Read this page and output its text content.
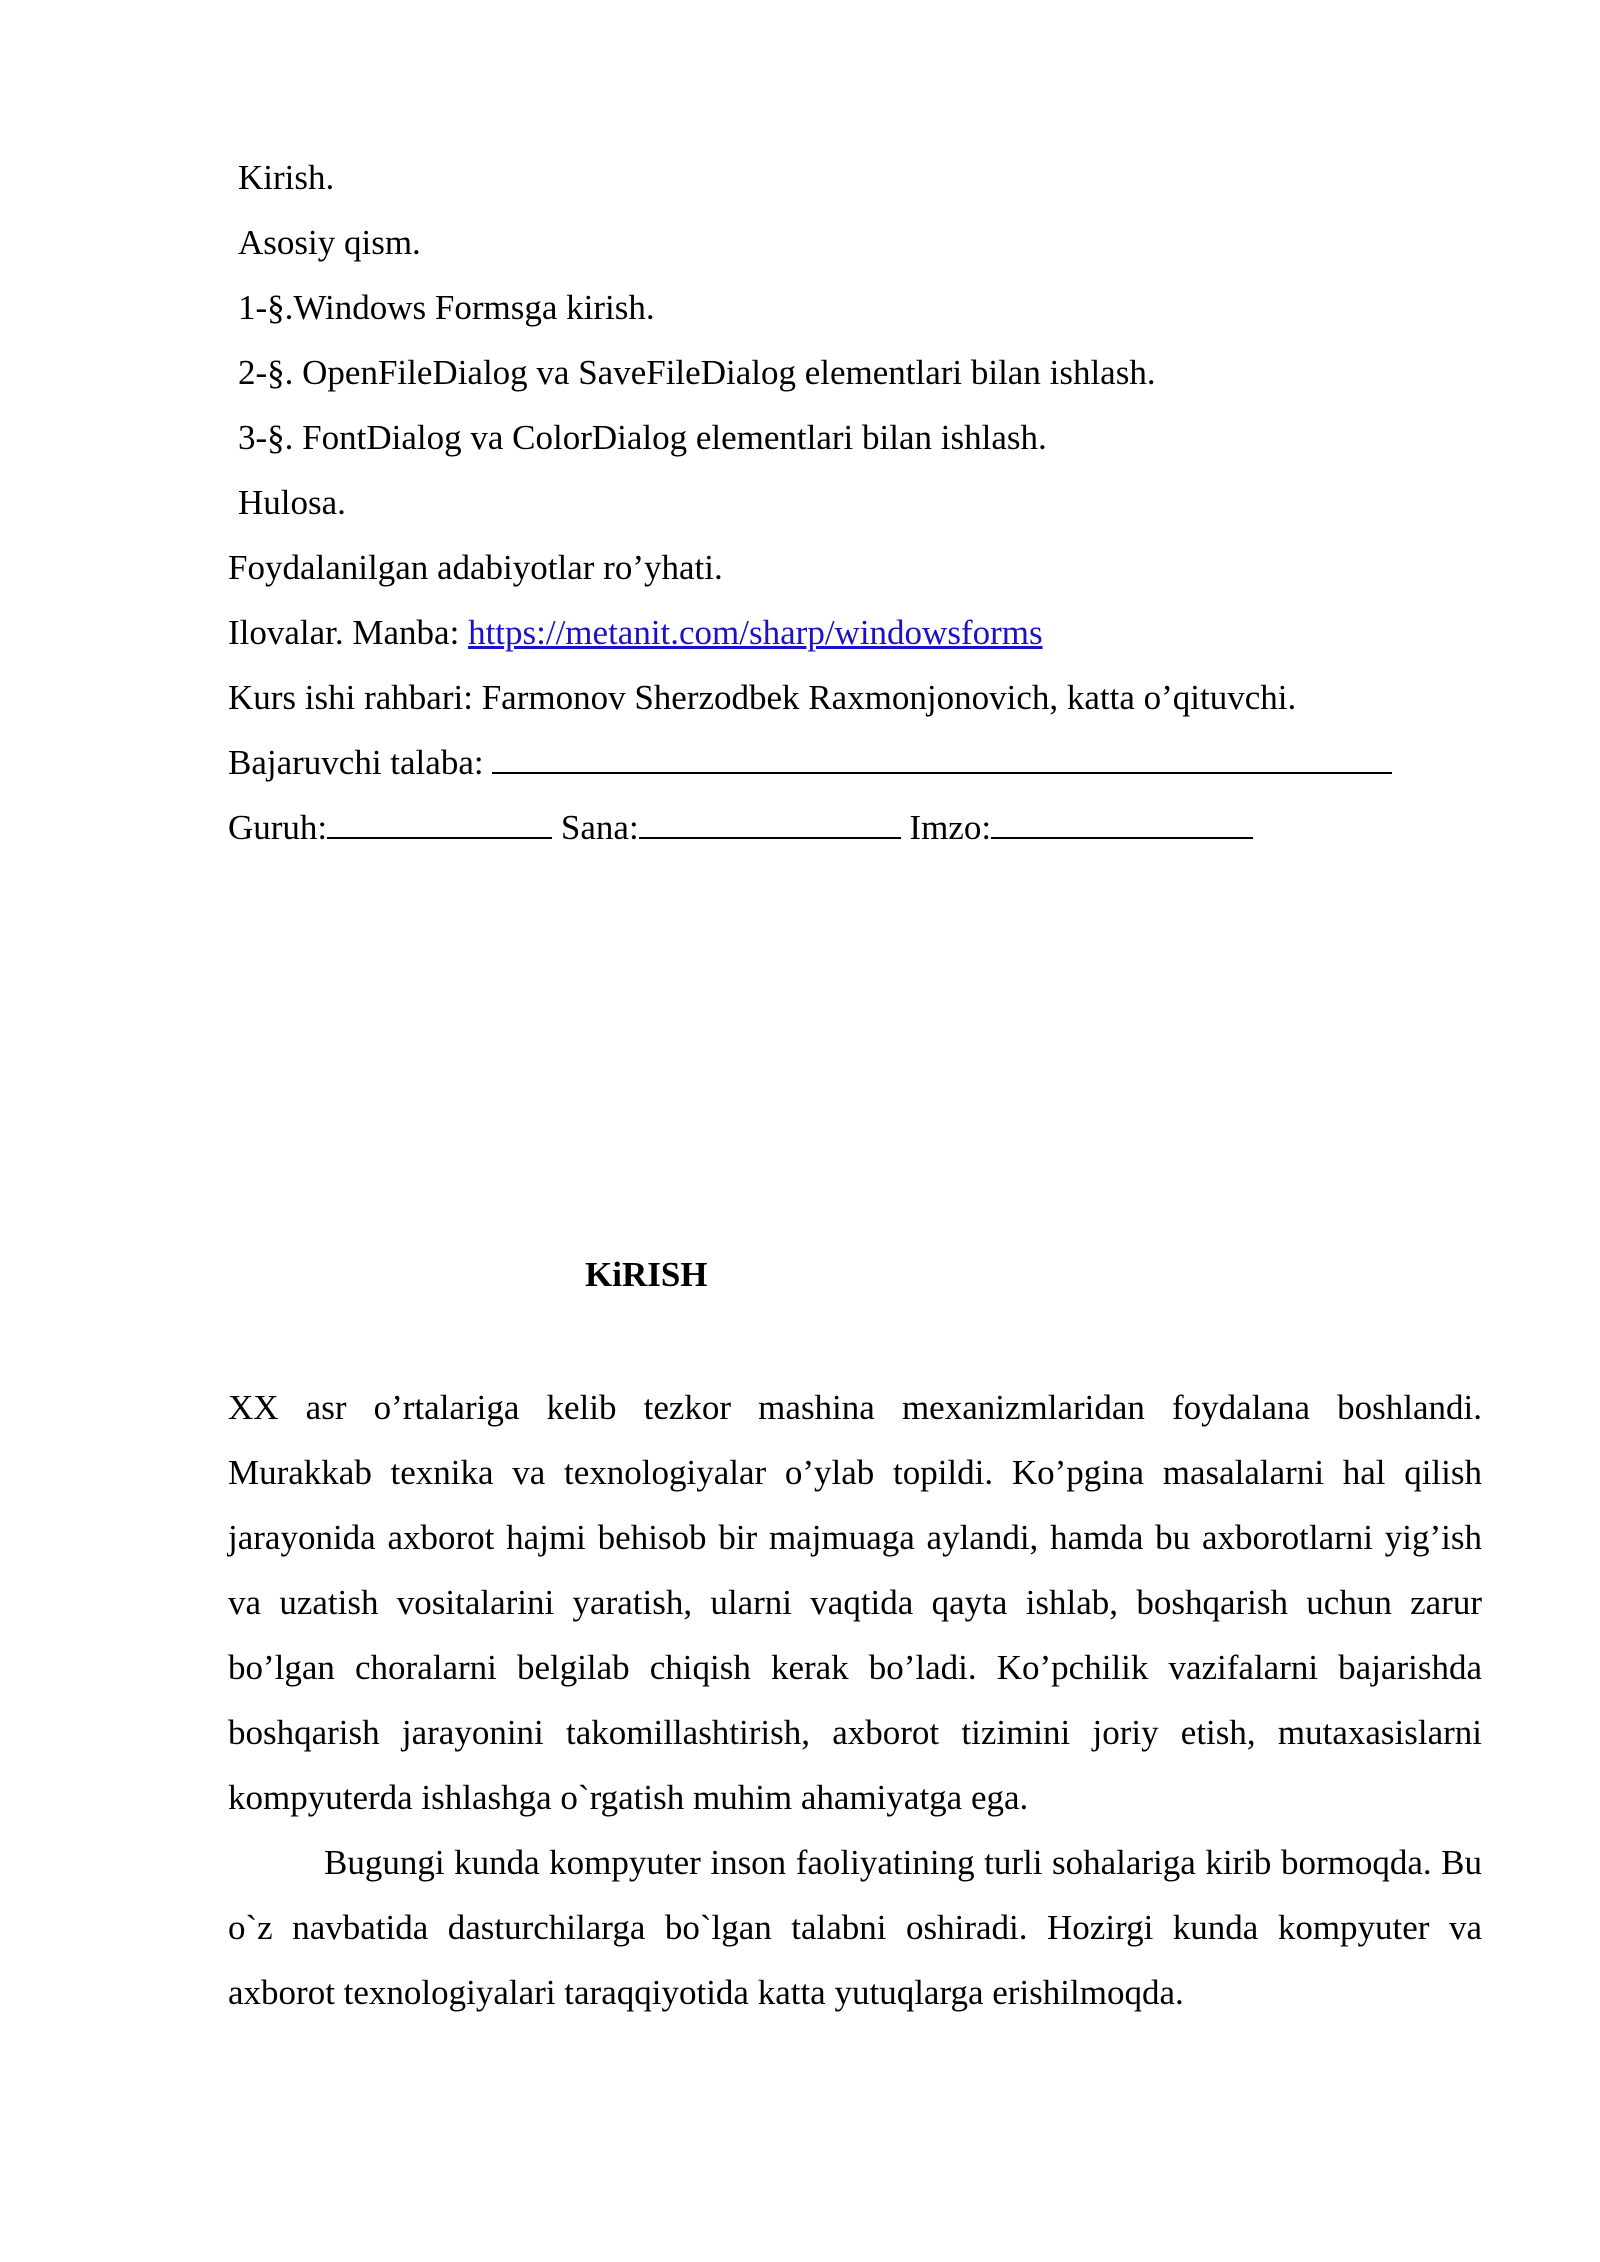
Kirish.
Asosiy qism.
1-§.Windows Formsga kirish.
2-§. OpenFileDialog va SaveFileDialog elementlari bilan ishlash.
3-§. FontDialog va ColorDialog elementlari bilan ishlash.
Hulosa.
Foydalanilgan adabiyotlar ro’yhati.
Ilovalar. Manba: https://metanit.com/sharp/windowsforms
Kurs ishi rahbari: Farmonov Sherzodbek Raxmonjonovich, katta o’qituvchi.
Bajaruvchi talaba:
Guruh:	Sana:	Imzo:
KiRISH

XX asr o’rtalariga kelib tezkor mashina mexanizmlaridan foydalana boshlandi. Murakkab texnika va texnologiyalar o’ylab topildi. Ko’pgina masalalarni hal qilish jarayonida axborot hajmi behisob bir majmuaga aylandi, hamda bu axborotlarni yig’ish va uzatish vositalarini yaratish, ularni vaqtida qayta ishlab, boshqarish uchun zarur bo’lgan choralarni belgilab chiqish kerak bo’ladi. Ko’pchilik vazifalarni bajarishda boshqarish jarayonini takomillashtirish, axborot tizimini joriy etish, mutaxasislarni kompyuterda ishlashga o`rgatish muhim ahamiyatga ega.

Bugungi kunda kompyuter inson faoliyatining turli sohalariga kirib bormoqda. Bu o`z navbatida dasturchilarga bo`lgan talabni oshiradi. Hozirgi kunda kompyuter va axborot texnologiyalari taraqqiyotida katta yutuqlarga erishilmoqda.
